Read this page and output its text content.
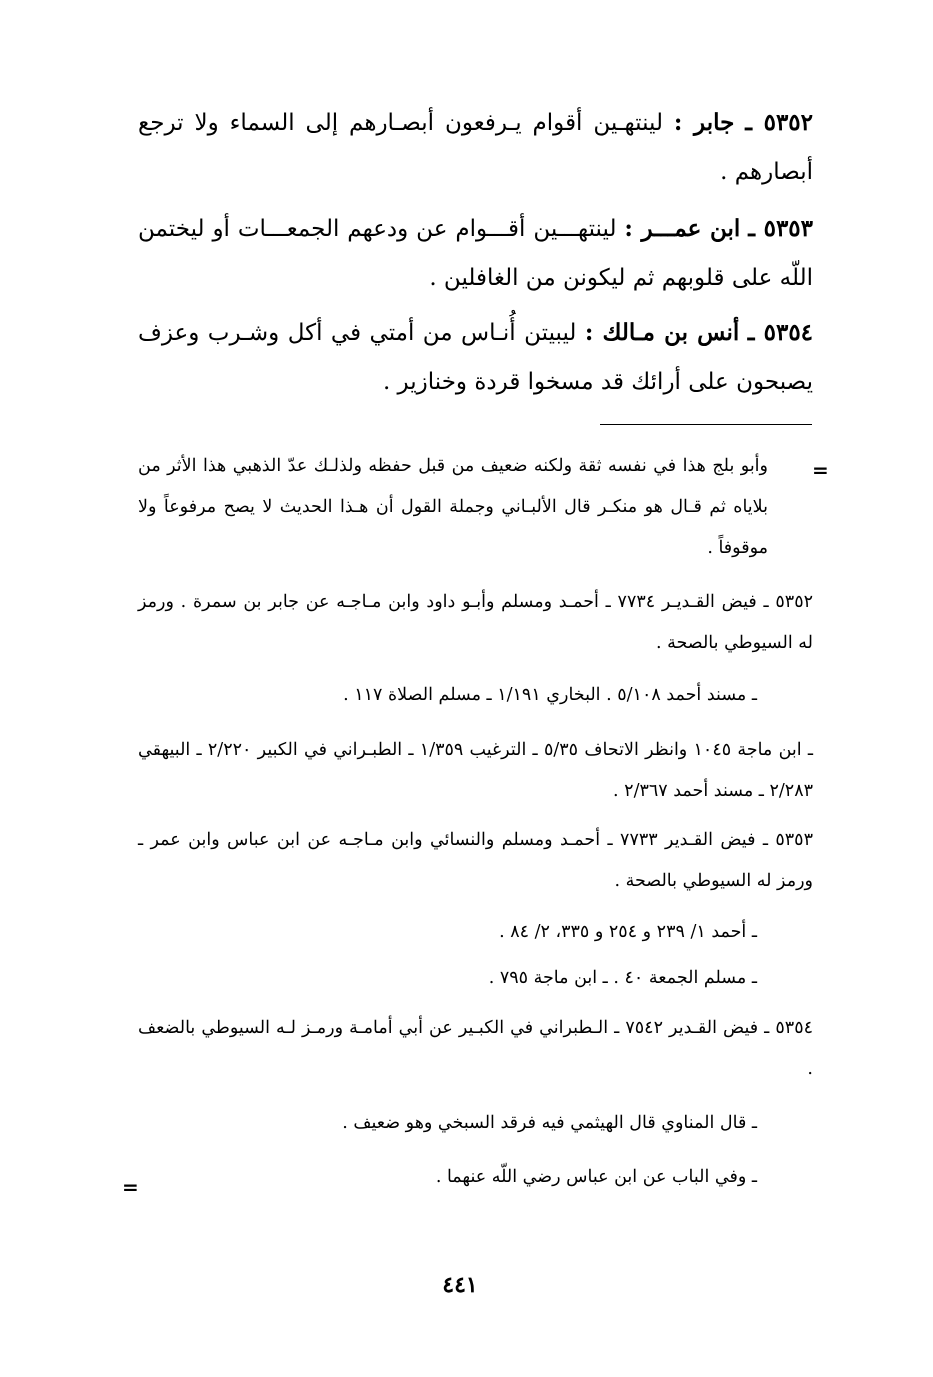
٥٣٥٢ ـ جابر : لينتهـين أقوام يـرفعون أبصـارهم إلى السماء ولا ترجع أبصارهم .
٥٣٥٣ ـ ابن عمـــر : لينتهـــين أقـــوام عن ودعهم الجمعـــات أو ليختمن اللّه على قلوبهم ثم ليكونن من الغافلين .
٥٣٥٤ ـ أنس بن مـالك : ليبيتن أُنـاس من أمتي في أكل وشـرب وعزف يصبحون على أرائك قد مسخوا قردة وخنازير .
=
وأبو بلج هذا في نفسه ثقة ولكنه ضعيف من قبل حفظه ولذلـك عدّ الذهبي هذا الأثر من بلاياه ثم قـال هو منكـر قال الألبـاني وجملة القول أن هـذا الحديث لا يصح مرفوعاً ولا موقوفاً .
٥٣٥٢ ـ فيض القـديـر ٧٧٣٤ ـ أحمـد ومسلم وأبـو داود وابن مـاجـه عن جابر بن سمرة . ورمز له السيوطي بالصحة .
ـ مسند أحمد ٥/١٠٨ . البخاري ١/١٩١ ـ مسلم الصلاة ١١٧ .
ـ ابن ماجة ١٠٤٥ وانظر الاتحاف ٥/٣٥ ـ الترغيب ١/٣٥٩ ـ الطبـراني في الكبير ٢/٢٢٠ ـ البيهقي ٢/٢٨٣ ـ مسند أحمد ٢/٣٦٧ .
٥٣٥٣ ـ فيض القـدير ٧٧٣٣ ـ أحمـد ومسلم والنسائي وابن مـاجـه عن ابن عباس وابن عمر ـ ورمز له السيوطي بالصحة .
ـ أحمد ١/ ٢٣٩ و ٢٥٤ و ٣٣٥، ٢/ ٨٤ .
ـ مسلم الجمعة ٤٠ . ـ ابن ماجة ٧٩٥ .
٥٣٥٤ ـ فيض القـدير ٧٥٤٢ ـ الـطبراني في الكبـير عن أبي أمامـة ورمـز لـه السيوطي بالضعف .
ـ قال المناوي قال الهيثمي فيه فرقد السبخي وهو ضعيف .
ـ وفي الباب عن ابن عباس رضي اللّه عنهما .
=
٤٤١
